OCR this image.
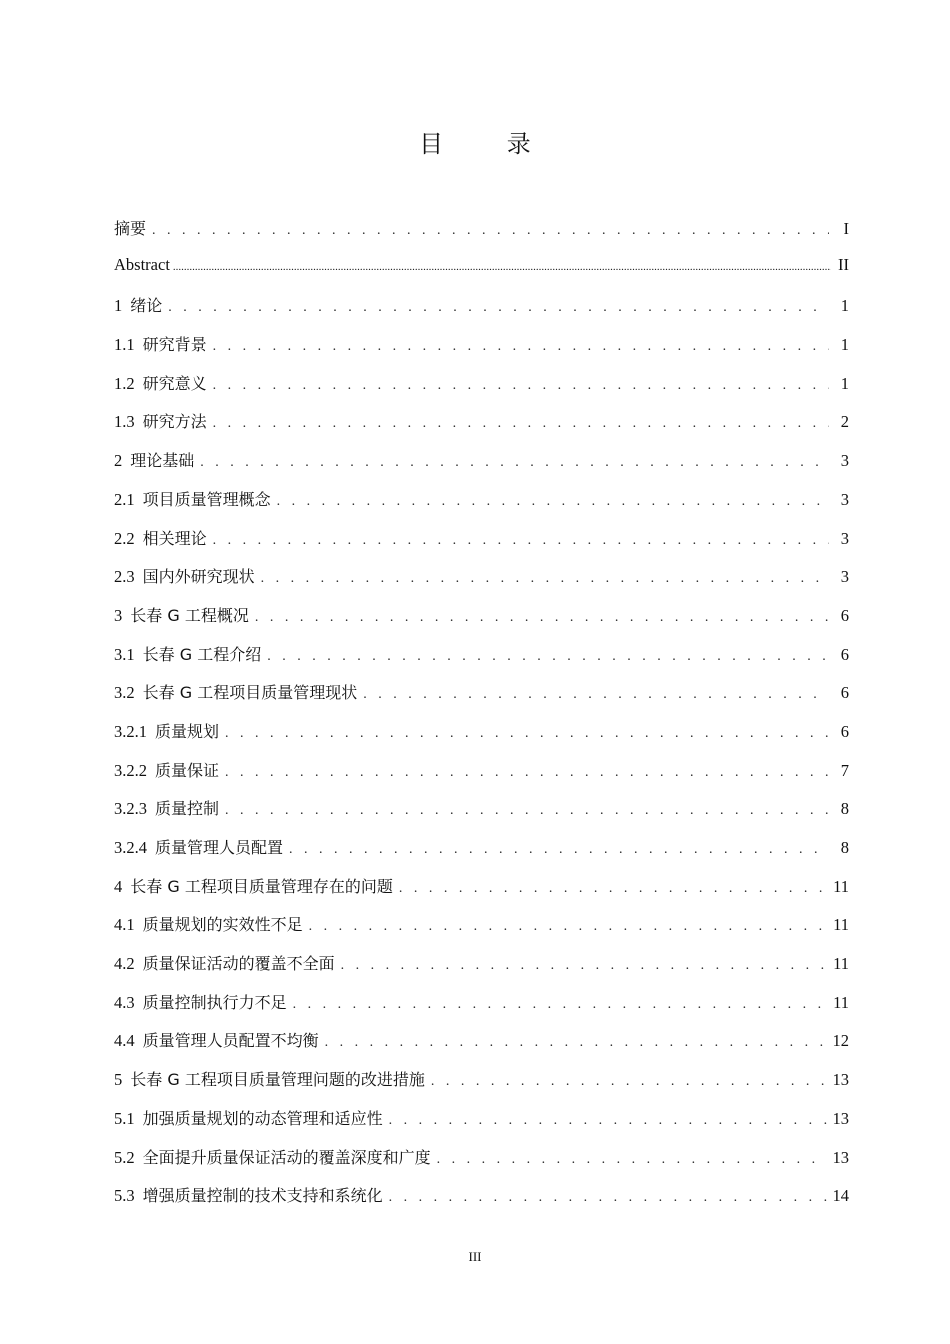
目 录
摘要 . . .	I
Abstract .....	II
1 绪论 . . .	1
1.1 研究背景 . . .	1
1.2 研究意义 . . .	1
1.3 研究方法 . . .	2
2 理论基础 . . .	3
2.1 项目质量管理概念 . . .	3
2.2 相关理论 . . .	3
2.3 国内外研究现状 . . .	3
3 长春 G 工程概况 . . .	6
3.1 长春 G 工程介绍 . . .	6
3.2 长春 G 工程项目质量管理现状 . . .	6
3.2.1 质量规划 . . .	6
3.2.2 质量保证 . . .	7
3.2.3 质量控制 . . .	8
3.2.4 质量管理人员配置 . . .	8
4 长春 G 工程项目质量管理存在的问题 . . .	11
4.1 质量规划的实效性不足 . . .	11
4.2 质量保证活动的覆盖不全面 . . .	11
4.3 质量控制执行力不足 . . .	11
4.4 质量管理人员配置不均衡 . . .	12
5 长春 G 工程项目质量管理问题的改进措施 . . .	13
5.1 加强质量规划的动态管理和适应性 . . .	13
5.2 全面提升质量保证活动的覆盖深度和广度 . . .	13
5.3 增强质量控制的技术支持和系统化 . . .	14
III
